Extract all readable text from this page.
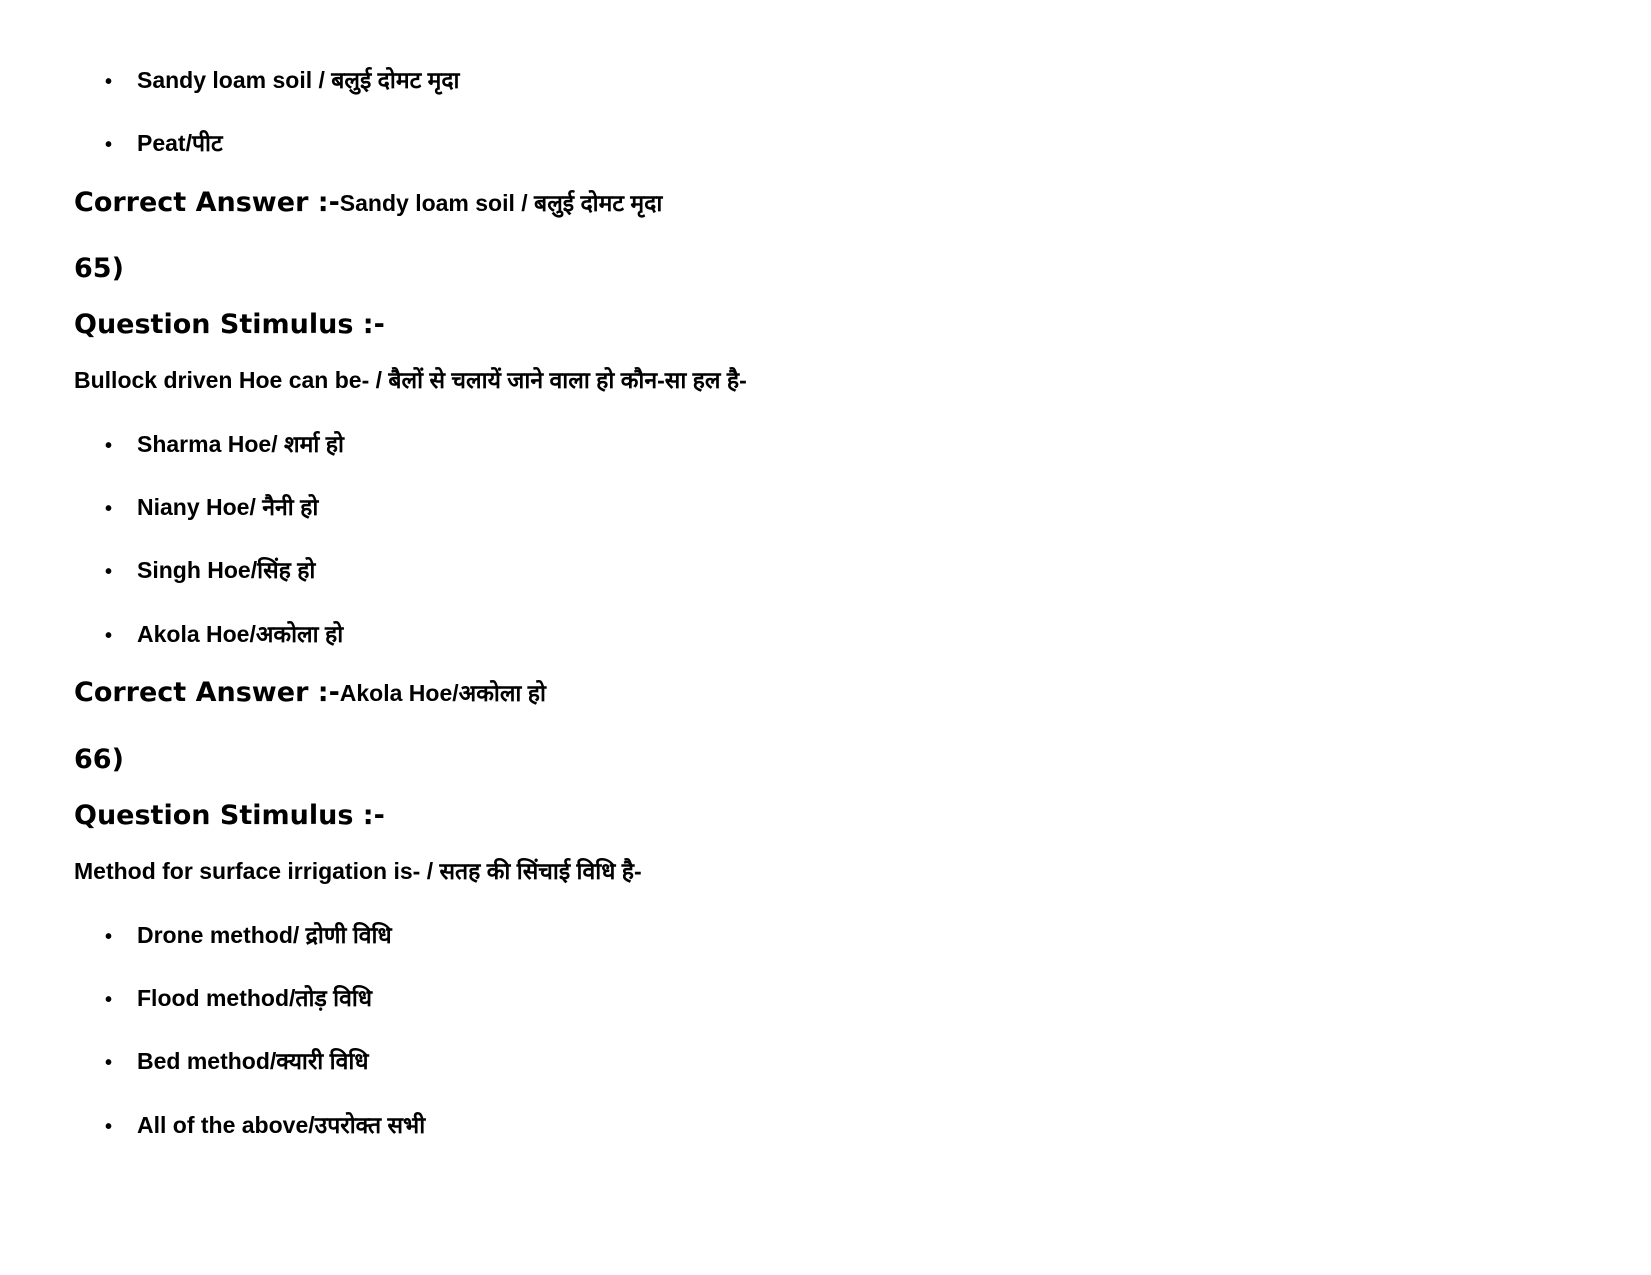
• Sandy loam soil / बलुई दोमट मृदा
• Peat/पीट
Correct Answer :-Sandy loam soil / बलुई दोमट मृदा
65)
Question Stimulus :-
Bullock driven Hoe can be- / बैलों से चलायें जाने वाला हो कौन-सा हल है-
• Sharma Hoe/ शर्मा हो
• Niany Hoe/ नैनी हो
• Singh Hoe/सिंह हो
• Akola Hoe/अकोला हो
Correct Answer :-Akola Hoe/अकोला हो
66)
Question Stimulus :-
Method for surface irrigation is- / सतह की सिंचाई विधि है-
• Drone method/ द्रोणी विधि
• Flood method/तोड़ विधि
• Bed method/क्यारी विधि
• All of the above/उपरोक्त सभी
